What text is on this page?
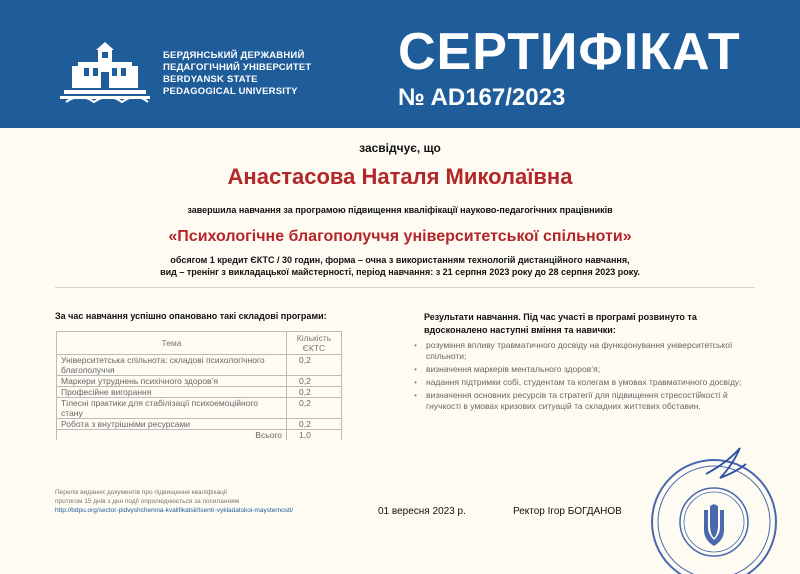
БЕРДЯНСЬКИЙ ДЕРЖАВНИЙ
ПЕДАГОГІЧНИЙ УНІВЕРСИТЕТ
BERDYANSK STATE
PEDAGOGICAL UNIVERSITY
СЕРТИФІКАТ
№ AD167/2023
засвідчує, що
Анастасова Наталя Миколаївна
завершила навчання за програмою підвищення кваліфікації науково-педагогічних працівників
«Психологічне благополуччя університетської спільноти»
обсягом 1 кредит ЄКТС / 30 годин, форма – очна з використанням технологій дистанційного навчання,
вид – тренінг з викладацької майстерності, період навчання: з 21 серпня 2023 року до 28 серпня 2023 року.
За час навчання успішно опановано такі складові програми:
Тема	Кількість ЄКТС
Університетська спільнота: складові психологічного благополуччя	0,2
Маркери утруднень психічного здоров’я	0,2
Професійне вигорання	0,2
Тілесні практики для стабілізації психоемоційного стану	0,2
Робота з внутрішніми ресурсами	0,2
Всього	1,0
Результати навчання. Під час участі в програмі розвинуто та вдосконалено наступні вміння та навички:
• розуміння впливу травматичного досвіду на функціонування університетської спільноти;
• визначення маркерів ментального здоров’я;
• надання підтримки собі, студентам та колегам в умовах травматичного досвіду;
• визначення основних ресурсів та стратегії для підвищення стресостійкості й гнучкості в умовах кризових ситуацій та складних життєвих обставин.
Перелік виданих документів про підвищення кваліфікації
протягом 15 днів з дня події оприлюднюється за посиланням
http://bdpu.org/sector-pidvyshchennia-kvalifikatsii/tsentr-vykladatskoi-maysternosti/	01 вересня 2023 р.	Ректор Ігор БОГДАНОВ
